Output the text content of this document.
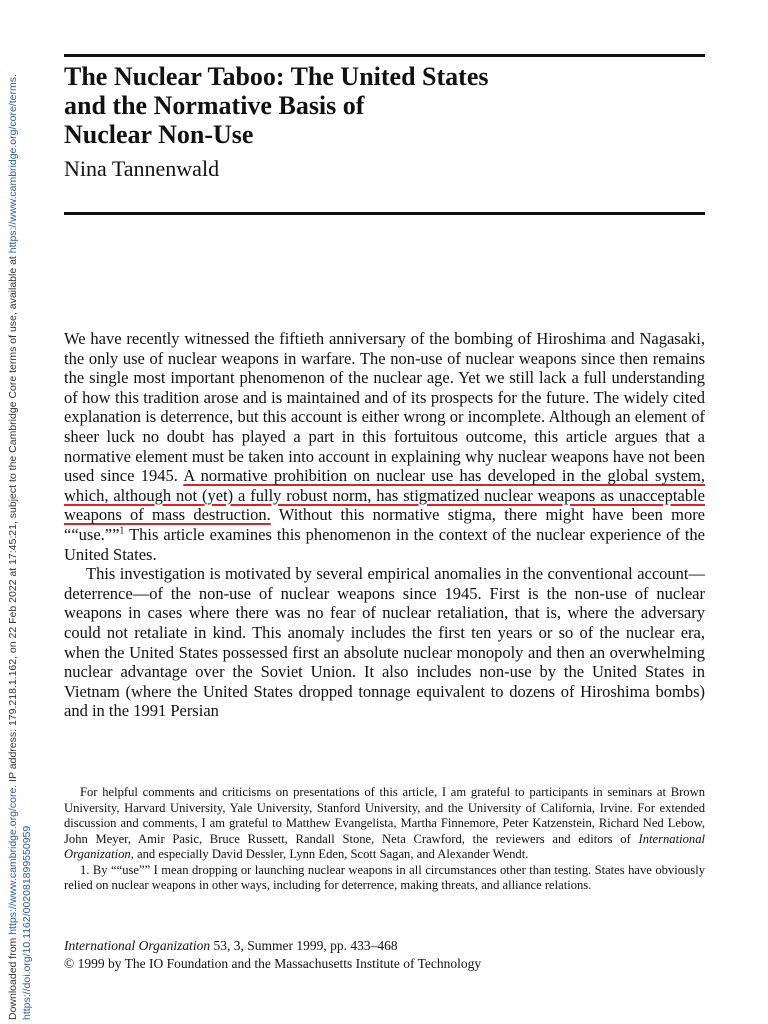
Downloaded from https://www.cambridge.org/core. IP address: 179.218.1.162, on 22 Feb 2022 at 17:45:21, subject to the Cambridge Core terms of use, available at https://www.cambridge.org/core/terms.
https://doi.org/10.1162/002081899550959
The Nuclear Taboo: The United States
and the Normative Basis of
Nuclear Non-Use
Nina Tannenwald

We have recently witnessed the fiftieth anniversary of the bombing of Hiroshima and Nagasaki, the only use of nuclear weapons in warfare. The non-use of nuclear weapons since then remains the single most important phenomenon of the nuclear age. Yet we still lack a full understanding of how this tradition arose and is maintained and of its prospects for the future. The widely cited explanation is deterrence, but this account is either wrong or incomplete. Although an element of sheer luck no doubt has played a part in this fortuitous outcome, this article argues that a normative element must be taken into account in explaining why nuclear weapons have not been used since 1945. A normative prohibition on nuclear use has developed in the global system, which, although not (yet) a fully robust norm, has stigmatized nuclear weapons as unacceptable weapons of mass destruction. Without this normative stigma, there might have been more ““use.””$^1$ This article examines this phenomenon in the context of the nuclear experience of the United States.

This investigation is motivated by several empirical anomalies in the conventional account—deterrence—of the non-use of nuclear weapons since 1945. First is the non-use of nuclear weapons in cases where there was no fear of nuclear retaliation, that is, where the adversary could not retaliate in kind. This anomaly includes the first ten years or so of the nuclear era, when the United States possessed first an absolute nuclear monopoly and then an overwhelming nuclear advantage over the Soviet Union. It also includes non-use by the United States in Vietnam (where the United States dropped tonnage equivalent to dozens of Hiroshima bombs) and in the 1991 Persian

For helpful comments and criticisms on presentations of this article, I am grateful to participants in seminars at Brown University, Harvard University, Yale University, Stanford University, and the University of California, Irvine. For extended discussion and comments, I am grateful to Matthew Evangelista, Martha Finnemore, Peter Katzenstein, Richard Ned Lebow, John Meyer, Amir Pasic, Bruce Russett, Randall Stone, Neta Crawford, the reviewers and editors of International Organization, and especially David Dessler, Lynn Eden, Scott Sagan, and Alexander Wendt.

1. By ““use”” I mean dropping or launching nuclear weapons in all circumstances other than testing. States have obviously relied on nuclear weapons in other ways, including for deterrence, making threats, and alliance relations.

International Organization 53, 3, Summer 1999, pp. 433–468
© 1999 by The IO Foundation and the Massachusetts Institute of Technology
